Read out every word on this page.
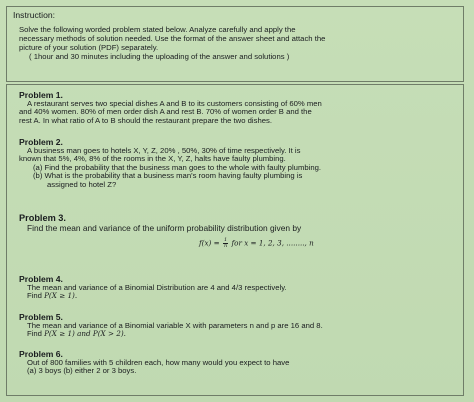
Instruction:

Solve the following worded problem stated below. Analyze carefully and apply the

necessary methods of solution needed. Use the format of the answer sheet and attach the

picture of your solution (PDF) separately.

( 1hour and 30 minutes including the uploading of the answer and solutions )

Problem 1.

A restaurant serves two special dishes A and B to its customers consisting of 60% men

and 40% women. 80% of men order dish A and rest B. 70% of women order B and the

rest A. In what ratio of A to B should the restaurant prepare the two dishes.

Problem 2.

A business man goes to hotels X, Y, Z, 20% , 50%, 30% of time respectively. It is

known that 5%, 4%, 8% of the rooms in the X, Y, Z, halts have faulty plumbing.

(a) Find the probability that the business man goes to the whole with faulty plumbing.

(b) What is the probability that a business man's room having faulty plumbing is

assigned to hotel Z?

Problem 3.

Find the mean and variance of the uniform probability distribution given by

$f(x) = \frac{1}{n}$ for x = 1, 2, 3, ........, n

Problem 4.

The mean and variance of a Binomial Distribution are 4 and 4/3 respectively.

Find P(X ≥ 1).

Problem 5.

The mean and variance of a Binomial variable X with parameters n and p are 16 and 8.

Find P(X ≥ 1) and P(X > 2).

Problem 6.

Out of 800 families with 5 children each, how many would you expect to have

(a) 3 boys (b) either 2 or 3 boys.
